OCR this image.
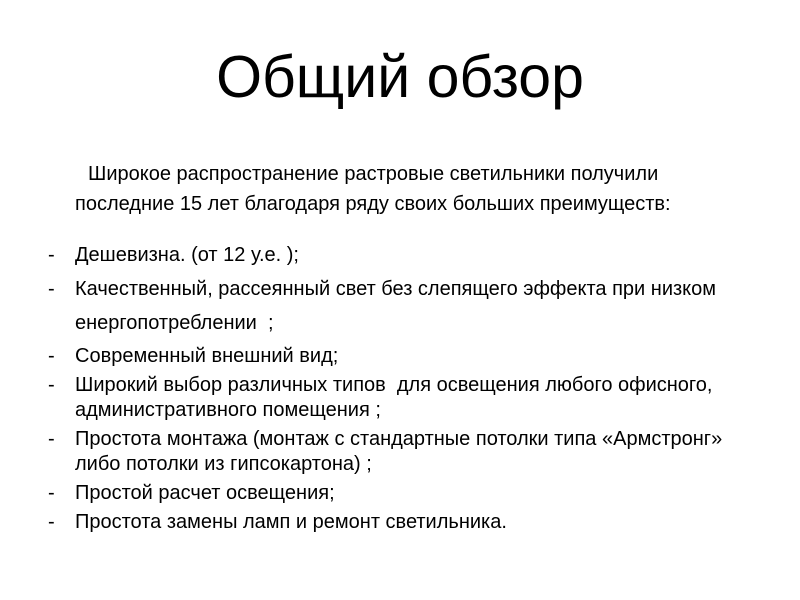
Общий обзор

Широкое распространение растровые светильники получили последние 15 лет благодаря ряду своих больших преимуществ:

-	Дешевизна. (от 12 у.е. );
-	Качественный, рассеянный свет без слепящего эффекта при низком енергопотреблении  ;
-	Современный внешний вид;
-	Широкий выбор различных типов  для освещения любого офисного, административного помещения ;
-	Простота монтажа (монтаж с стандартные потолки типа «Армстронг» либо потолки из гипсокартона) ;
-	Простой расчет освещения;
-	Простота замены ламп и ремонт светильника.
